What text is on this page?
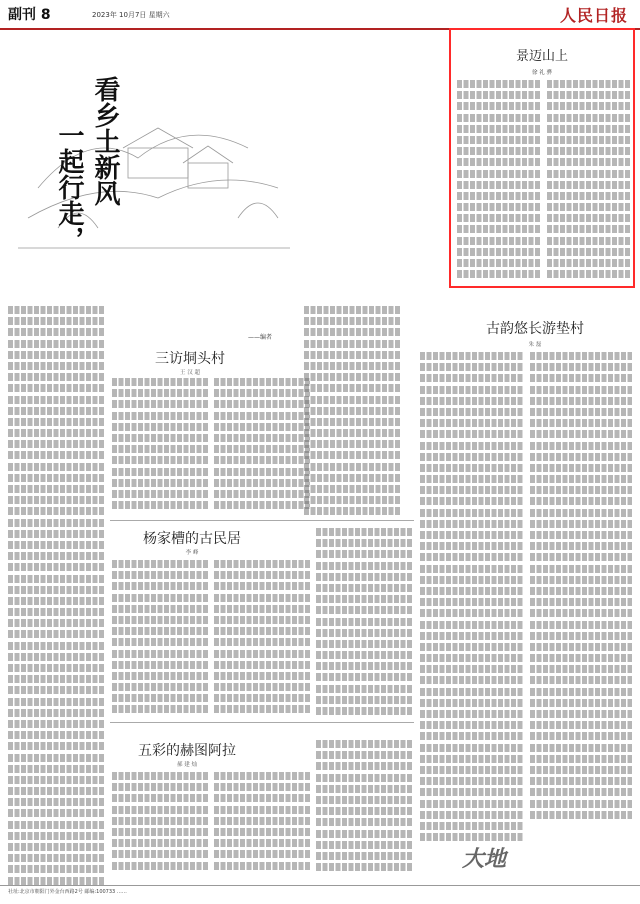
副刊 8	2023年 10月7日 星期六	人民日报
看乡土新风
一起行走，
——编者
景迈山上
徐 礼 骅
三访垌头村
王 汉 超
古韵悠长游垫村
朱 磊
杨家槽的古民居
李 峰
五彩的赫图阿拉
郝 建 灿
大地
社址:北京市朝阳门外金台西路2号 邮编:100733 ……
